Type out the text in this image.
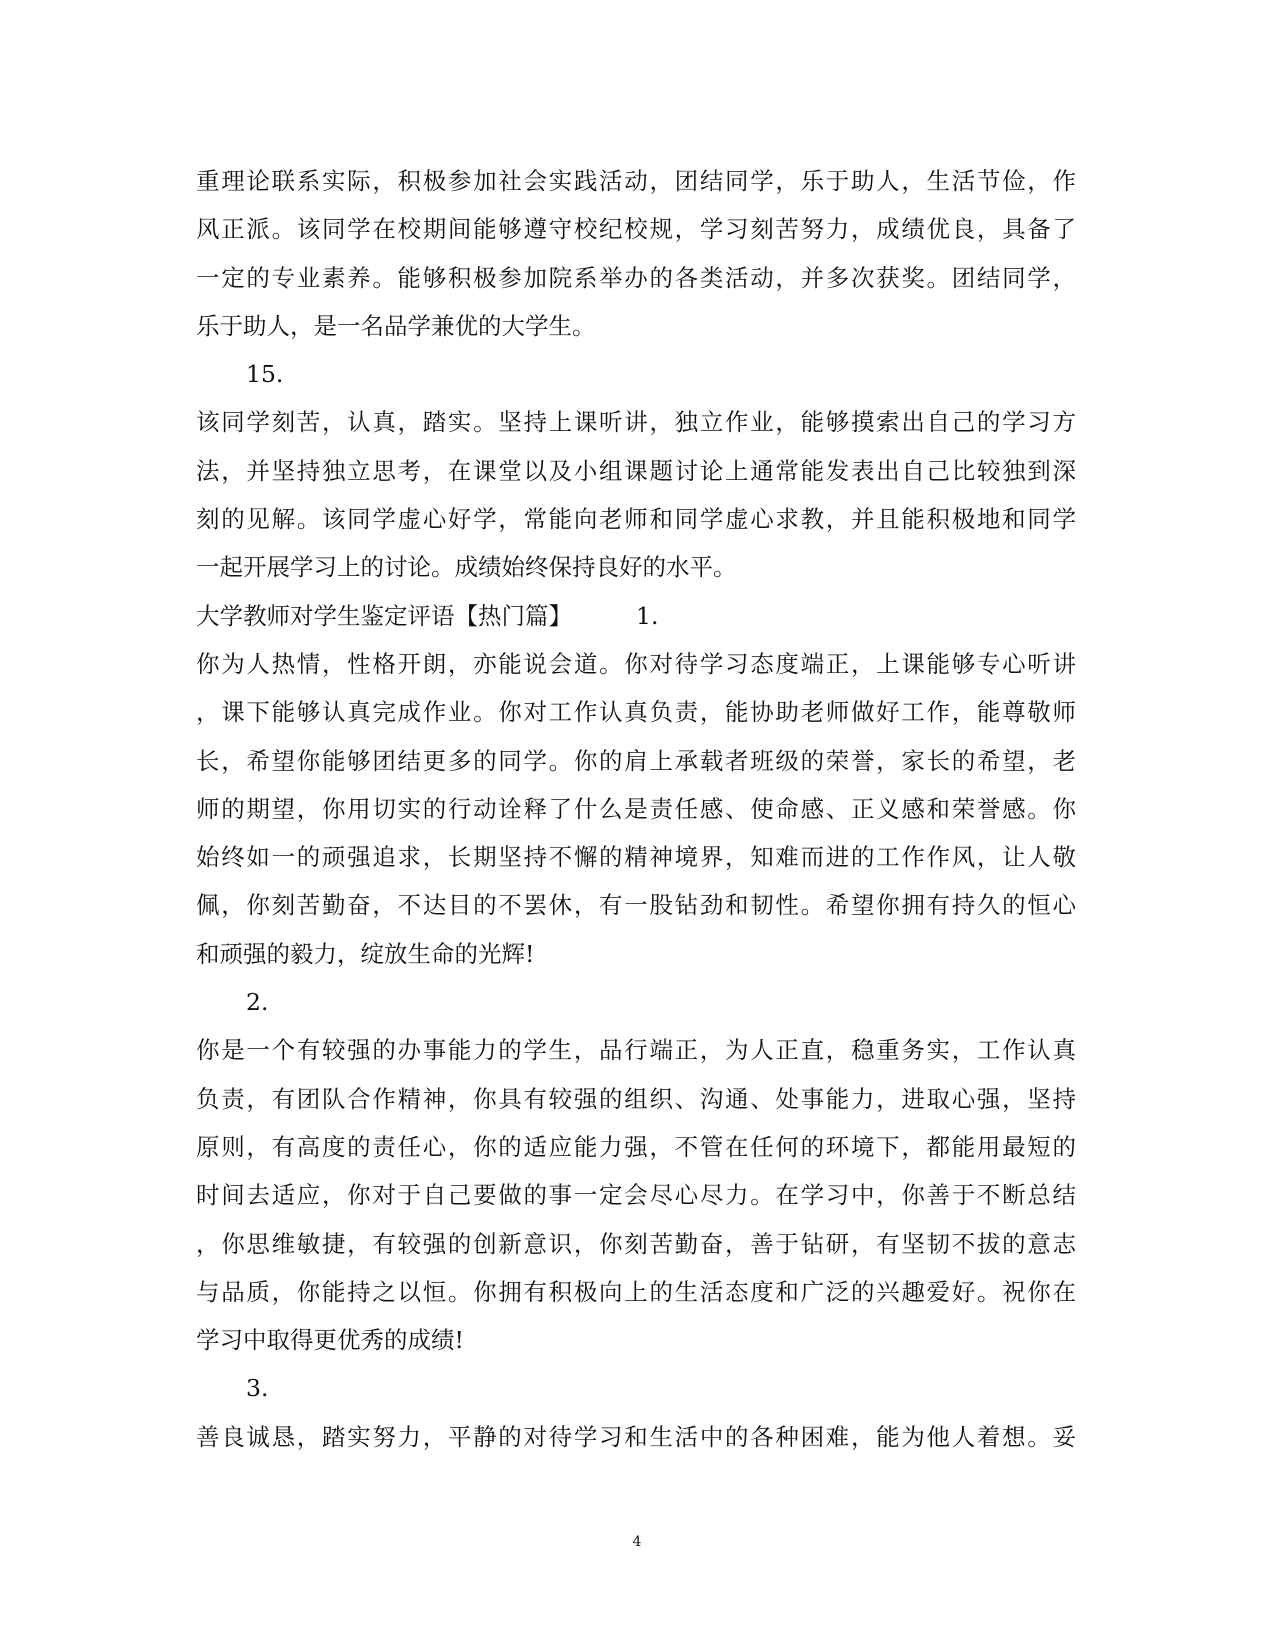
重理论联系实际，积极参加社会实践活动，团结同学，乐于助人，生活节俭，作
风正派。该同学在校期间能够遵守校纪校规，学习刻苦努力，成绩优良，具备了
一定的专业素养。能够积极参加院系举办的各类活动，并多次获奖。团结同学，
乐于助人，是一名品学兼优的大学生。
15.
该同学刻苦，认真，踏实。坚持上课听讲，独立作业，能够摸索出自己的学习方
法，并坚持独立思考，在课堂以及小组课题讨论上通常能发表出自己比较独到深
刻的见解。该同学虚心好学，常能向老师和同学虚心求教，并且能积极地和同学
一起开展学习上的讨论。成绩始终保持良好的水平。
大学教师对学生鉴定评语【热门篇】	1.
你为人热情，性格开朗，亦能说会道。你对待学习态度端正，上课能够专心听讲
，课下能够认真完成作业。你对工作认真负责，能协助老师做好工作，能尊敬师
长，希望你能够团结更多的同学。你的肩上承载者班级的荣誉，家长的希望，老
师的期望，你用切实的行动诠释了什么是责任感、使命感、正义感和荣誉感。你
始终如一的顽强追求，长期坚持不懈的精神境界，知难而进的工作作风，让人敬
佩，你刻苦勤奋，不达目的不罢休，有一股钻劲和韧性。希望你拥有持久的恒心
和顽强的毅力，绽放生命的光辉!
2.
你是一个有较强的办事能力的学生，品行端正，为人正直，稳重务实，工作认真
负责，有团队合作精神，你具有较强的组织、沟通、处事能力，进取心强，坚持
原则，有高度的责任心，你的适应能力强，不管在任何的环境下，都能用最短的
时间去适应，你对于自己要做的事一定会尽心尽力。在学习中，你善于不断总结
，你思维敏捷，有较强的创新意识，你刻苦勤奋，善于钻研，有坚韧不拔的意志
与品质，你能持之以恒。你拥有积极向上的生活态度和广泛的兴趣爱好。祝你在
学习中取得更优秀的成绩!
3.
善良诚恳，踏实努力，平静的对待学习和生活中的各种困难，能为他人着想。妥
4
